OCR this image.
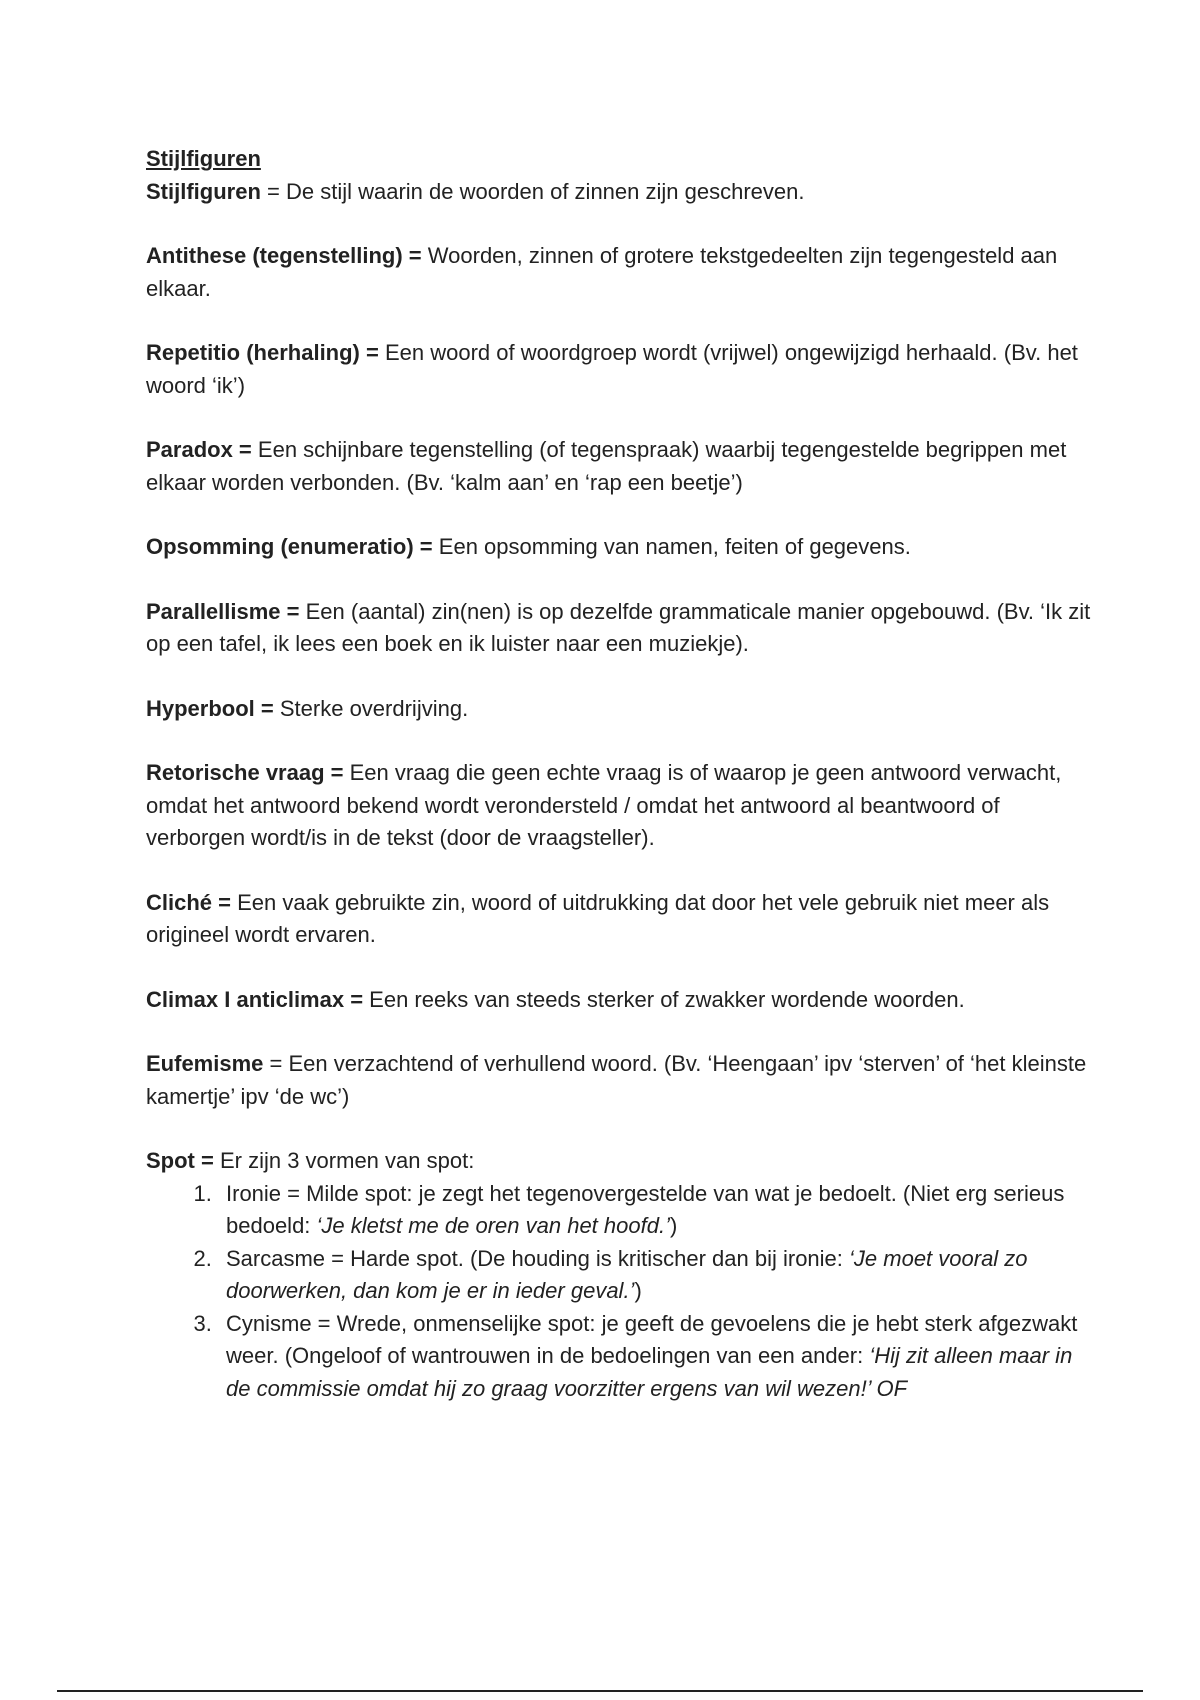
Stijlfiguren

Stijlfiguren = De stijl waarin de woorden of zinnen zijn geschreven.

Antithese (tegenstelling) = Woorden, zinnen of grotere tekstgedeelten zijn tegengesteld aan elkaar.

Repetitio (herhaling) = Een woord of woordgroep wordt (vrijwel) ongewijzigd herhaald. (Bv. het woord ‘ik’)

Paradox = Een schijnbare tegenstelling (of tegenspraak) waarbij tegengestelde begrippen met elkaar worden verbonden. (Bv. ‘kalm aan’ en ‘rap een beetje’)

Opsomming (enumeratio) = Een opsomming van namen, feiten of gegevens.

Parallellisme = Een (aantal) zin(nen) is op dezelfde grammaticale manier opgebouwd. (Bv. ‘Ik zit op een tafel, ik lees een boek en ik luister naar een muziekje).

Hyperbool = Sterke overdrijving.

Retorische vraag = Een vraag die geen echte vraag is of waarop je geen antwoord verwacht, omdat het antwoord bekend wordt verondersteld / omdat het antwoord al beantwoord of verborgen wordt/is in de tekst (door de vraagsteller).

Cliché = Een vaak gebruikte zin, woord of uitdrukking dat door het vele gebruik niet meer als origineel wordt ervaren.

Climax I anticlimax = Een reeks van steeds sterker of zwakker wordende woorden.

Eufemisme = Een verzachtend of verhullend woord. (Bv. ‘Heengaan’ ipv ‘sterven’ of ‘het kleinste kamertje’ ipv ‘de wc’)

Spot = Er zijn 3 vormen van spot:

1. Ironie = Milde spot: je zegt het tegenovergestelde van wat je bedoelt. (Niet erg serieus bedoeld: ‘Je kletst me de oren van het hoofd.’)
2. Sarcasme = Harde spot. (De houding is kritischer dan bij ironie: ‘Je moet vooral zo doorwerken, dan kom je er in ieder geval.’)
3. Cynisme = Wrede, onmenselijke spot: je geeft de gevoelens die je hebt sterk afgezwakt weer. (Ongeloof of wantrouwen in de bedoelingen van een ander: ‘Hij zit alleen maar in de commissie omdat hij zo graag voorzitter ergens van wil wezen!’ OF
